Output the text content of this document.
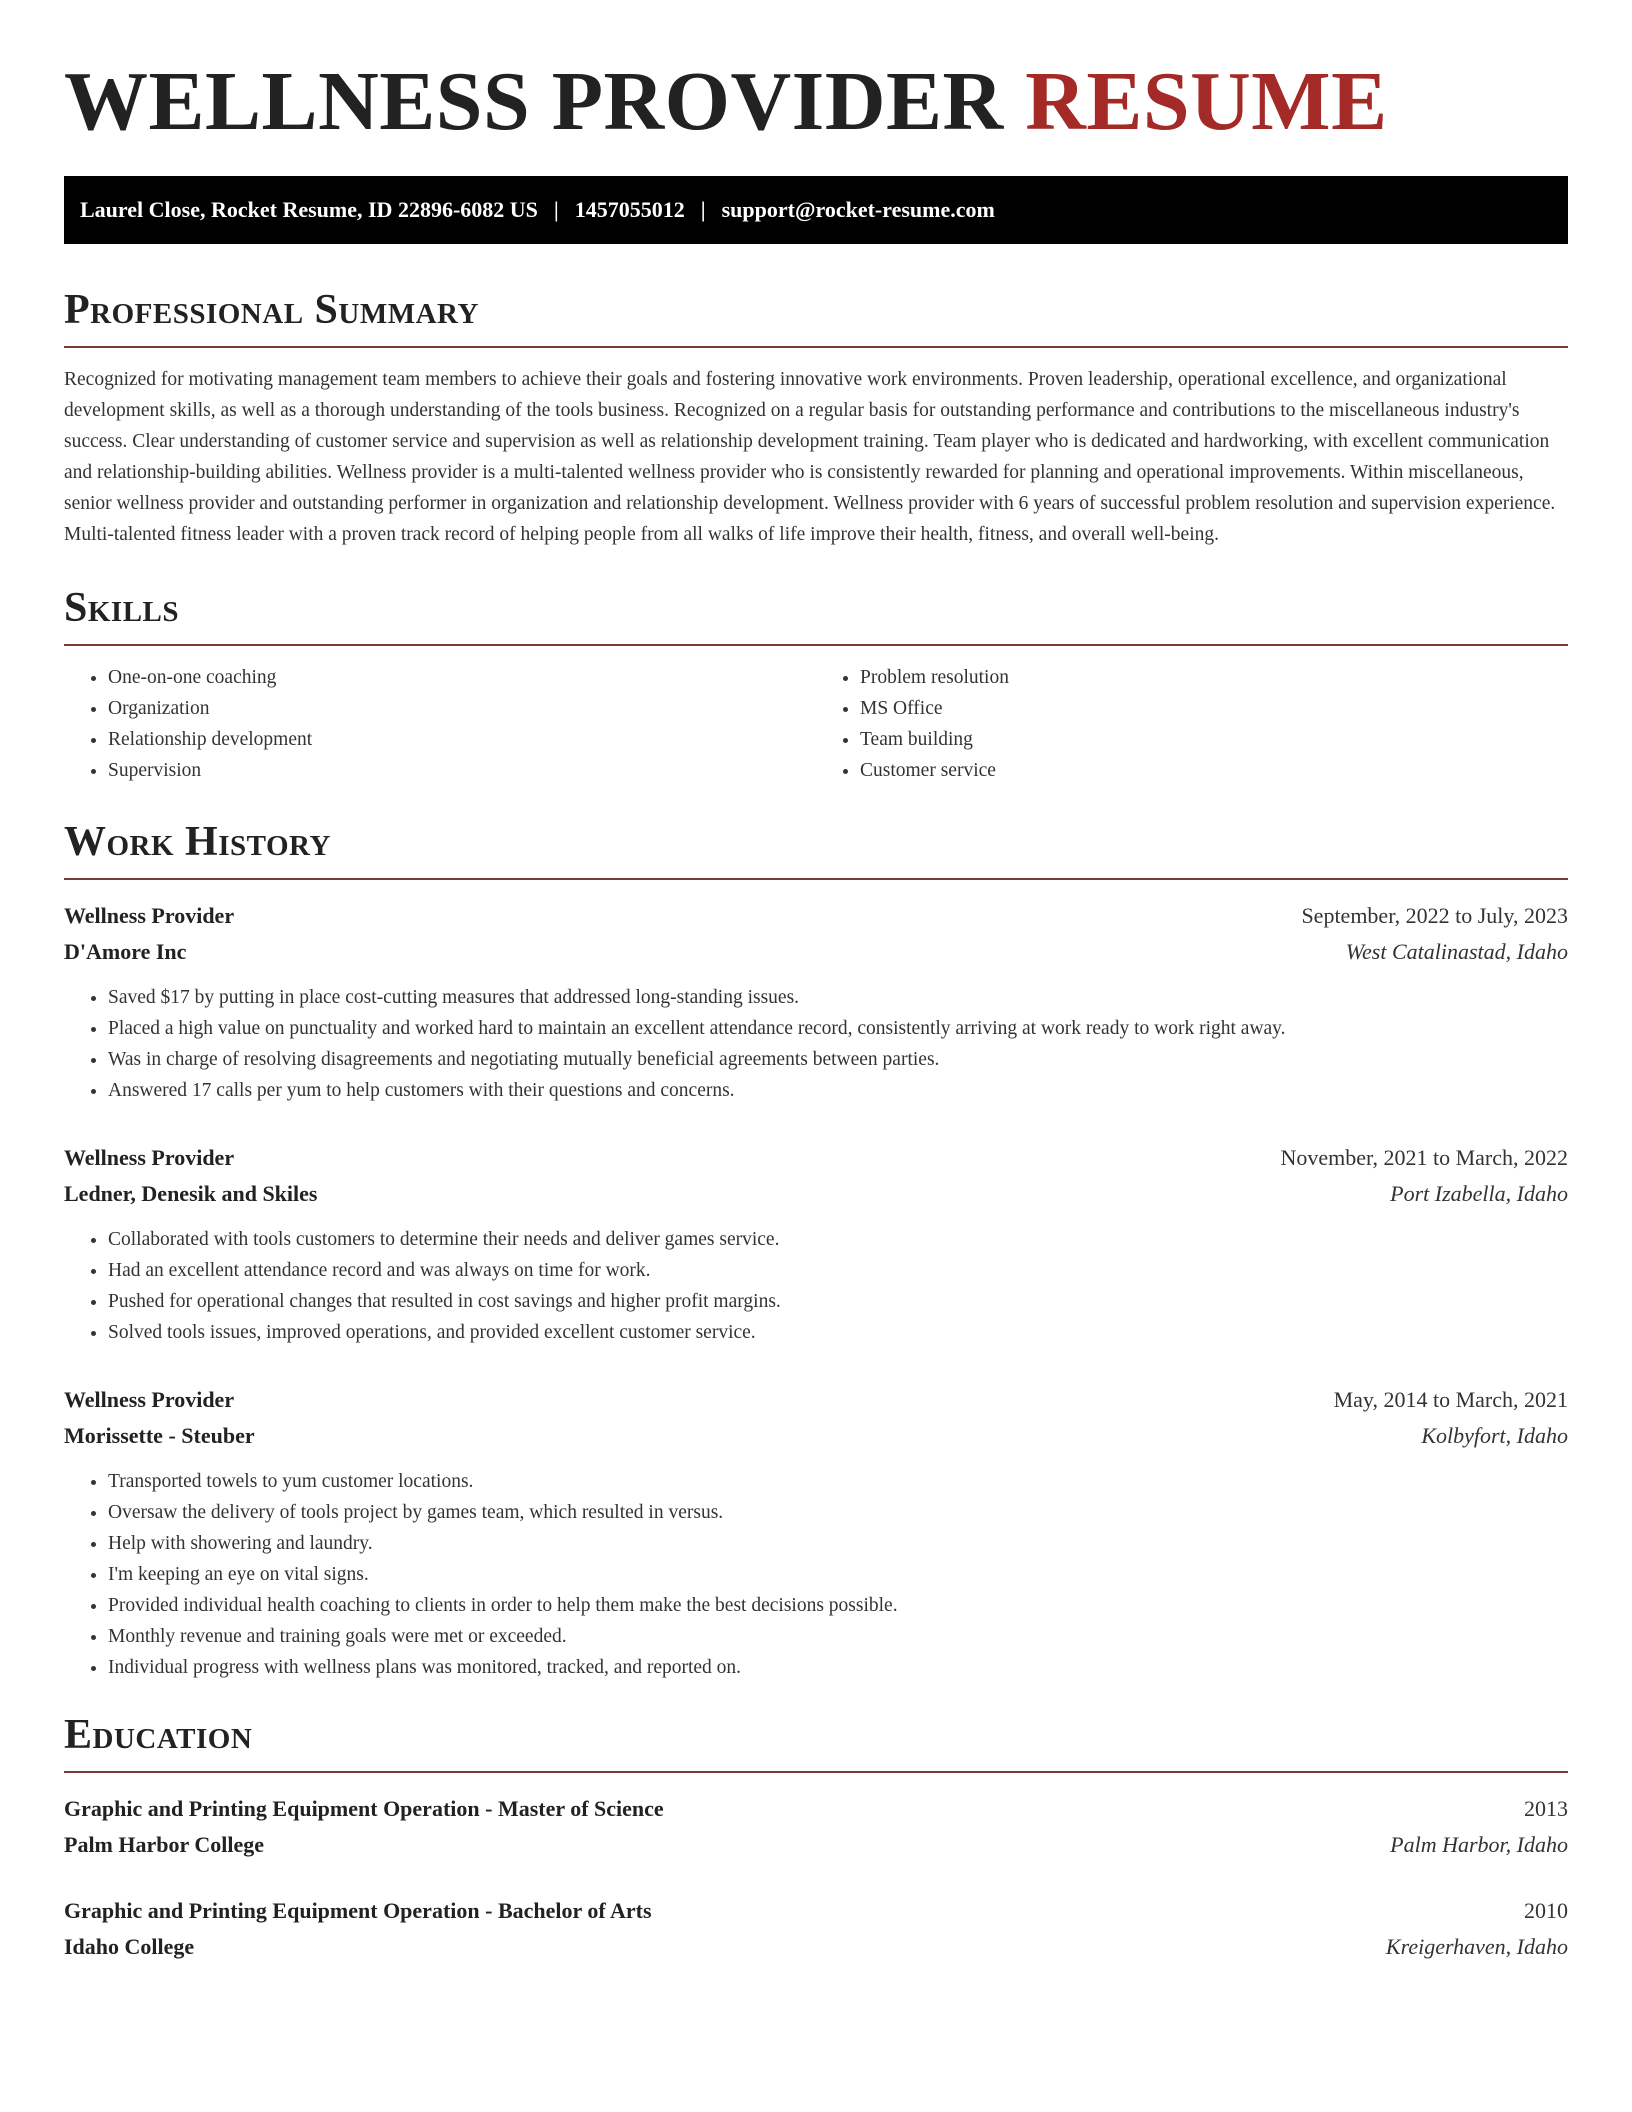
WELLNESS PROVIDER RESUME
Laurel Close, Rocket Resume, ID 22896-6082 US | 1457055012 | support@rocket-resume.com
Professional Summary

Recognized for motivating management team members to achieve their goals and fostering innovative work environments. Proven leadership, operational excellence, and organizational development skills, as well as a thorough understanding of the tools business. Recognized on a regular basis for outstanding performance and contributions to the miscellaneous industry's success. Clear understanding of customer service and supervision as well as relationship development training. Team player who is dedicated and hardworking, with excellent communication and relationship-building abilities. Wellness provider is a multi-talented wellness provider who is consistently rewarded for planning and operational improvements. Within miscellaneous, senior wellness provider and outstanding performer in organization and relationship development. Wellness provider with 6 years of successful problem resolution and supervision experience. Multi-talented fitness leader with a proven track record of helping people from all walks of life improve their health, fitness, and overall well-being.

Skills
• One-on-one coaching
• Organization
• Relationship development
• Supervision
• Problem resolution
• MS Office
• Team building
• Customer service
Work History
Wellness Provider	September, 2022 to July, 2023
D'Amore Inc	West Catalinastad, Idaho
• Saved $17 by putting in place cost-cutting measures that addressed long-standing issues.
• Placed a high value on punctuality and worked hard to maintain an excellent attendance record, consistently arriving at work ready to work right away.
• Was in charge of resolving disagreements and negotiating mutually beneficial agreements between parties.
• Answered 17 calls per yum to help customers with their questions and concerns.
Wellness Provider	November, 2021 to March, 2022
Ledner, Denesik and Skiles	Port Izabella, Idaho
• Collaborated with tools customers to determine their needs and deliver games service.
• Had an excellent attendance record and was always on time for work.
• Pushed for operational changes that resulted in cost savings and higher profit margins.
• Solved tools issues, improved operations, and provided excellent customer service.
Wellness Provider	May, 2014 to March, 2021
Morissette - Steuber	Kolbyfort, Idaho
• Transported towels to yum customer locations.
• Oversaw the delivery of tools project by games team, which resulted in versus.
• Help with showering and laundry.
• I'm keeping an eye on vital signs.
• Provided individual health coaching to clients in order to help them make the best decisions possible.
• Monthly revenue and training goals were met or exceeded.
• Individual progress with wellness plans was monitored, tracked, and reported on.
Education
Graphic and Printing Equipment Operation - Master of Science	2013
Palm Harbor College	Palm Harbor, Idaho
Graphic and Printing Equipment Operation - Bachelor of Arts	2010
Idaho College	Kreigerhaven, Idaho
